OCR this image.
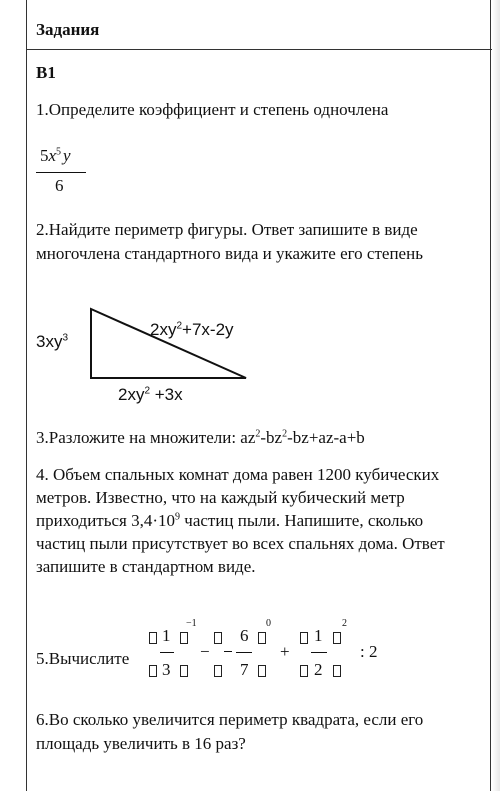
Задания
В1
1.Определите коэффициент и степень одночлена
$5x^5$ y
6
2.Найдите периметр фигуры. Ответ запишите в виде многочлена стандартного вида и укажите его степень
$3xy^3$	$2xy^2+7x-2y$
$2xy^2 +3x$
3.Разложите на множители: $az^2-bz^2-bz+az-a+b$
4. Объем спальных комнат дома равен 1200 кубических метров. Известно, что на каждый кубический метр приходиться $3,4\cdot 10^9$ частиц пыли. Напишите, сколько частиц пыли присутствует во всех спальнях дома. Ответ запишите в стандартном виде.
5.Вычислите
1
3
−1
−
6
7
0
+
1
2
2
: 2
6.Во сколько увеличится периметр квадрата, если его площадь увеличить в 16 раз?
